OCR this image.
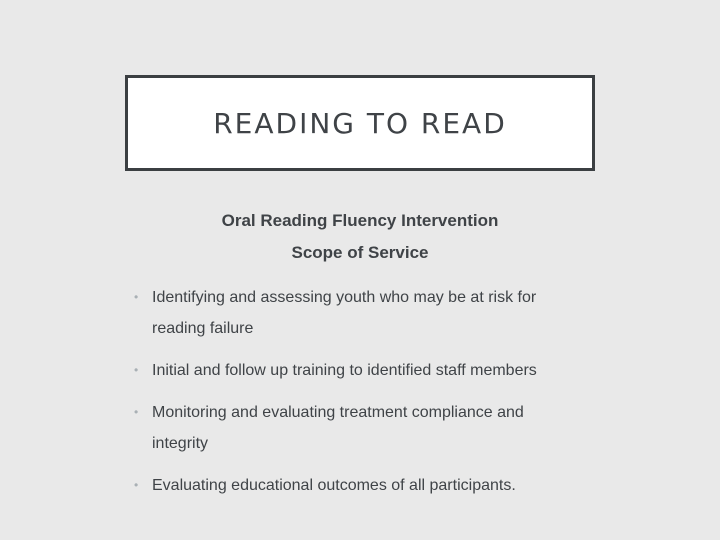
READING TO READ
Oral Reading Fluency Intervention
Scope of Service
• Identifying and assessing youth who may be at risk for reading failure
• Initial and follow up training to identified staff members
• Monitoring and evaluating treatment compliance and integrity
• Evaluating educational outcomes of all participants.
